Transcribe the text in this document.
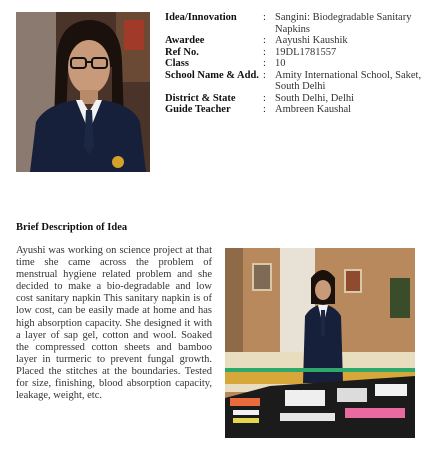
Idea/Innovation	: Sangini: Biodegradable Sanitary Napkins
Awardee	: Aayushi Kaushik
Ref No.	: 19DL1781557
Class	: 10
School Name & Add. : Amity International School, Saket, South Delhi
District & State	: South Delhi, Delhi
Guide Teacher	: Ambreen Kaushal
Brief Description of Idea
Ayushi was working on science project at that time she came across the problem of menstrual hygiene related problem and she decided to make a bio-degradable and low cost sanitary napkin This sanitary napkin is of low cost, can be easily made at home and has high absorption capacity. She designed it with a layer of sap gel, cotton and wool. Soaked the compressed cotton sheets and bamboo layer in turmeric to prevent fungal growth. Placed the stitches at the boundaries. Tested for size, finishing, blood absorption capacity, leakage, weight, etc.
